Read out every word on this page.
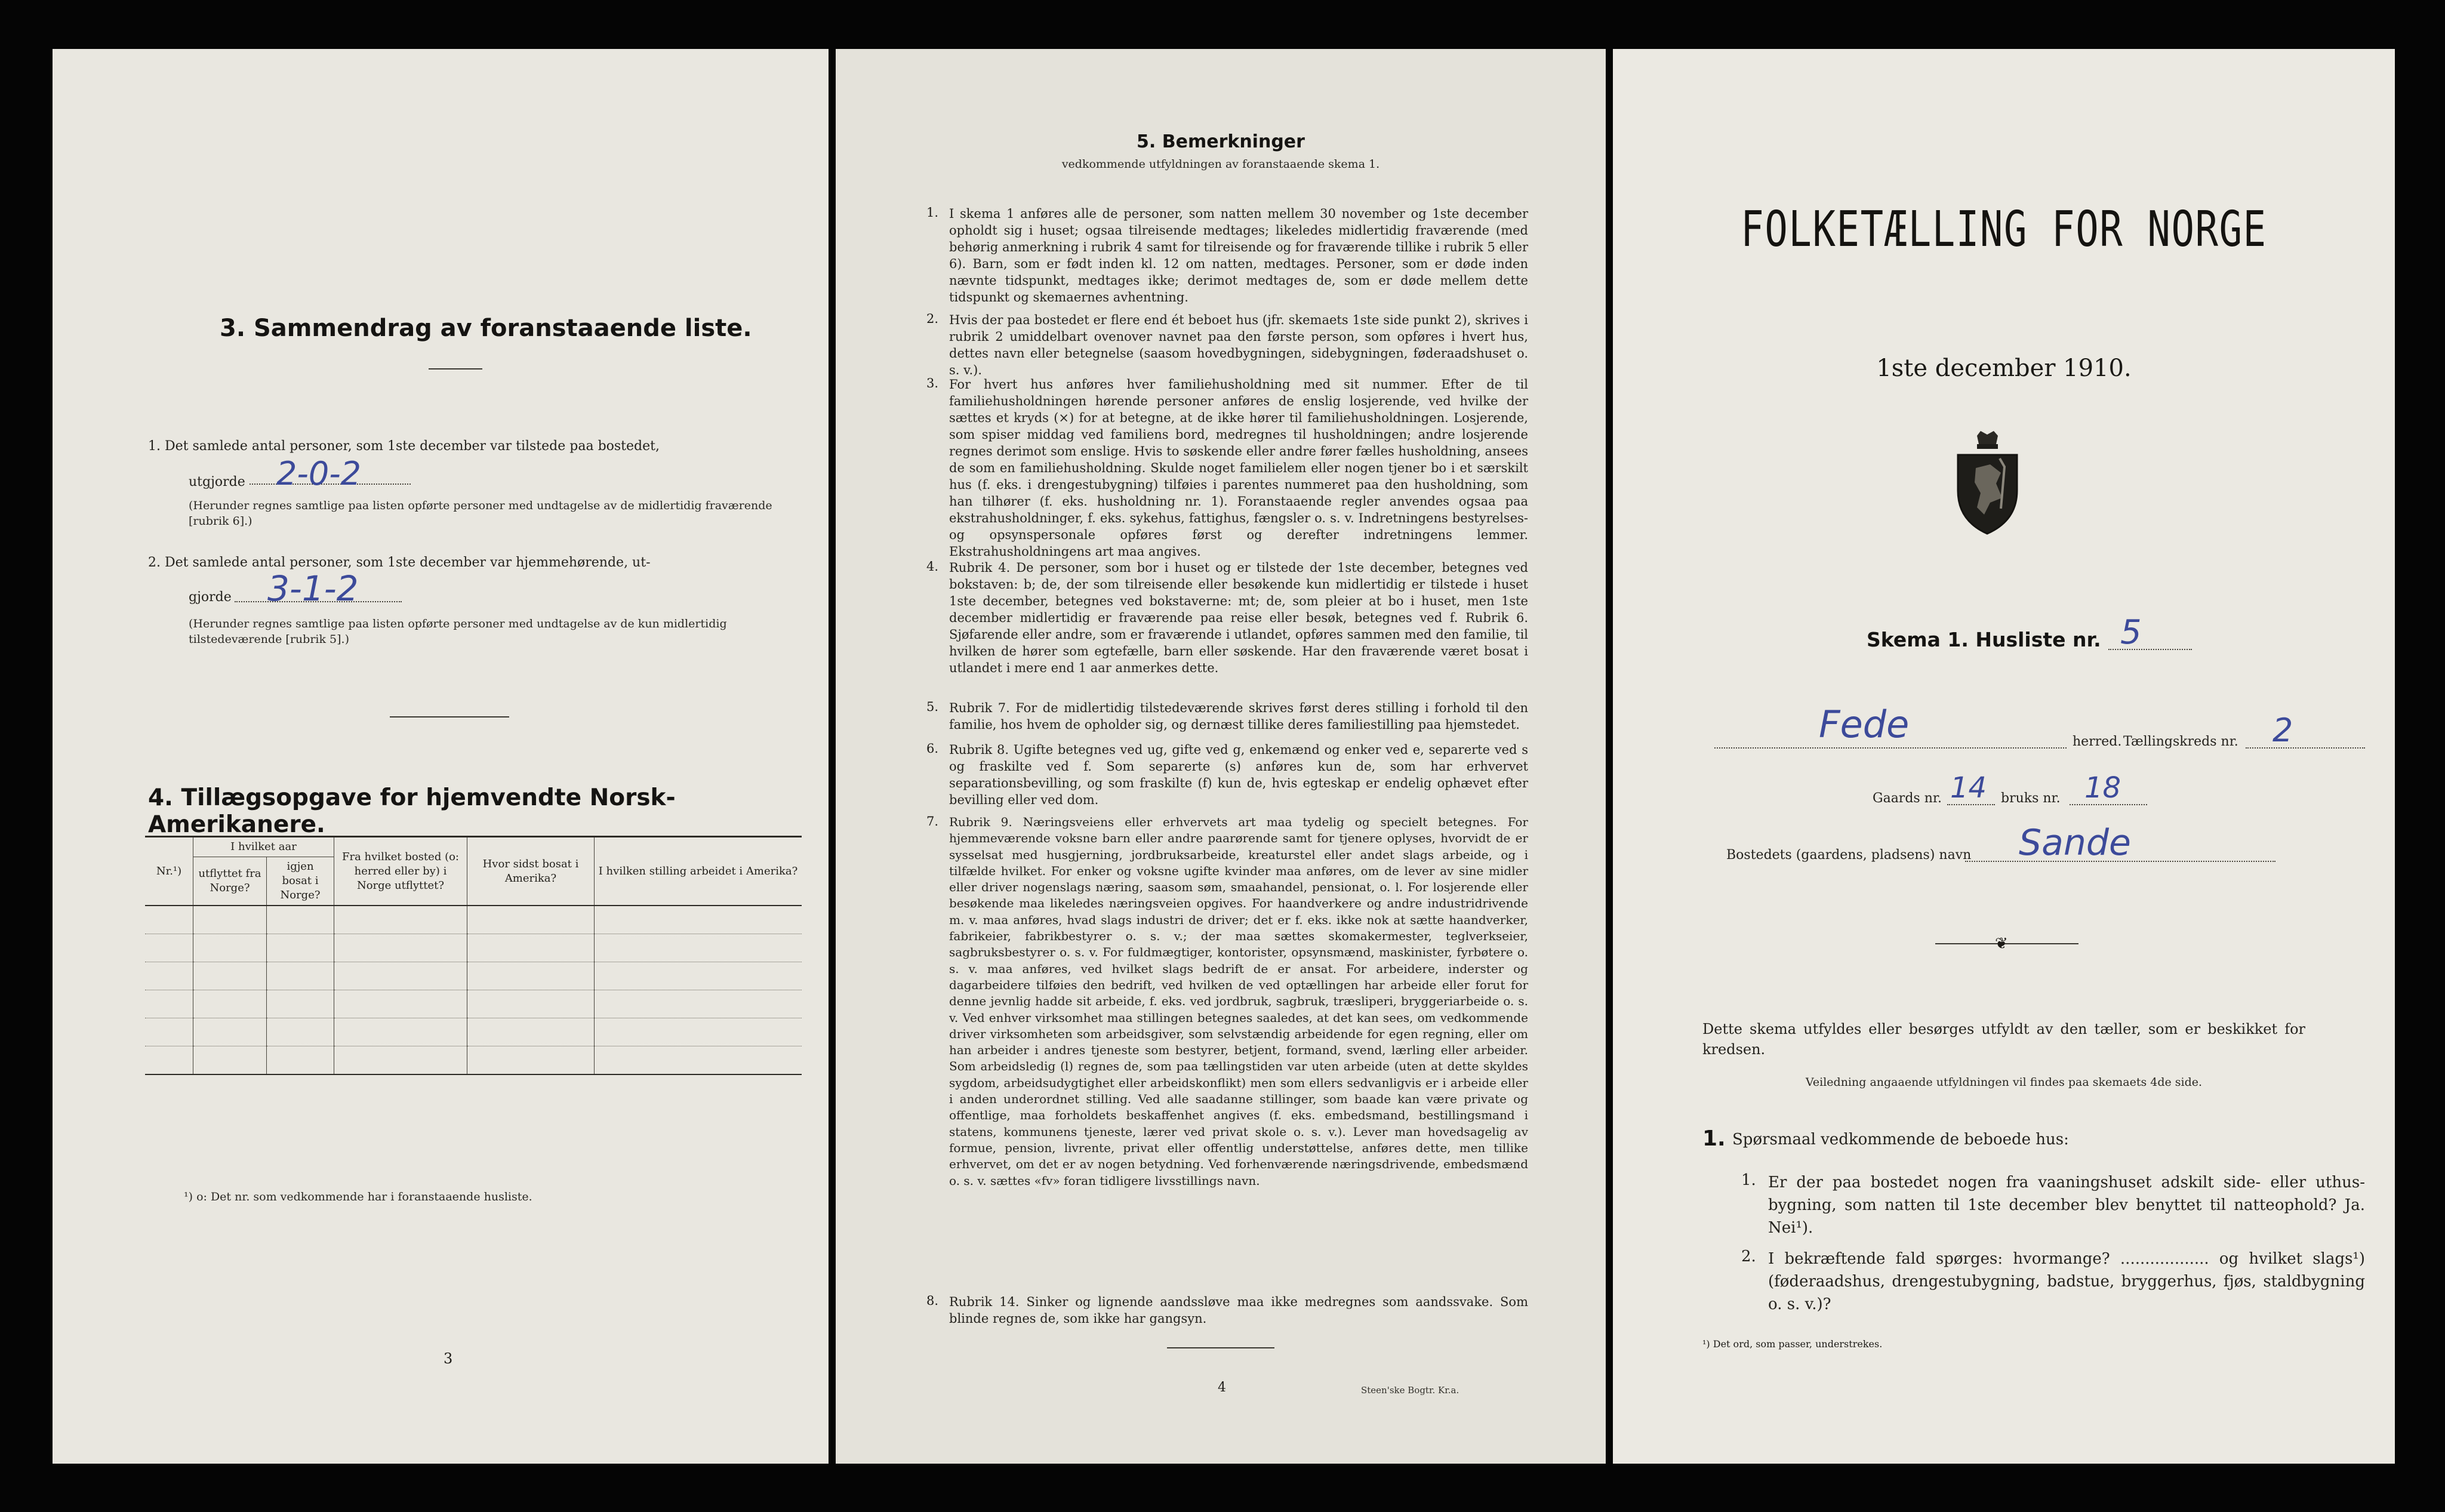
3. Sammendrag av foranstaaende liste.
1. Det samlede antal personer, som 1ste december var tilstede paa bostedet,
utgjorde 2-0-2
(Herunder regnes samtlige paa listen opførte personer med undtagelse av de midlertidig fraværende [rubrik 6].)
2. Det samlede antal personer, som 1ste december var hjemmehørende, ut-
gjorde 3-1-2
(Herunder regnes samtlige paa listen opførte personer med undtagelse av de kun midlertidig tilstedeværende [rubrik 5].)
4. Tillægsopgave for hjemvendte Norsk-Amerikanere.
Nr.¹)	I hvilket aar		Fra hvilket bosted (o: herred eller by) i Norge utflyttet?	Hvor sidst bosat i Amerika?	I hvilken stilling arbeidet i Amerika?
	utflyttet fra Norge?	igjen bosat i Norge?			

¹) o: Det nr. som vedkommende har i foranstaaende husliste.
3
5. Bemerkninger
vedkommende utfyldningen av foranstaaende skema 1.
1. I skema 1 anføres alle de personer, som natten mellem 30 november og 1ste december opholdt sig i huset; ogsaa tilreisende medtages; likeledes midlertidig fraværende (med behørig anmerkning i rubrik 4 samt for tilreisende og for fraværende tillike i rubrik 5 eller 6). Barn, som er født inden kl. 12 om natten, medtages. Personer, som er døde inden nævnte tidspunkt, medtages ikke; derimot medtages de, som er døde mellem dette tidspunkt og skemaernes avhentning.
2. Hvis der paa bostedet er flere end ét beboet hus (jfr. skemaets 1ste side punkt 2), skrives i rubrik 2 umiddelbart ovenover navnet paa den første person, som opføres i hvert hus, dettes navn eller betegnelse (saasom hovedbygningen, sidebygningen, føderaadshuset o. s. v.).
3. For hvert hus anføres hver familiehusholdning med sit nummer. Efter de til familiehusholdningen hørende personer anføres de enslig losjerende, ved hvilke der sættes et kryds (×) for at betegne, at de ikke hører til familiehusholdningen. Losjerende, som spiser middag ved familiens bord, medregnes til husholdningen; andre losjerende regnes derimot som enslige. Hvis to søskende eller andre fører fælles husholdning, ansees de som en familiehusholdning. Skulde noget familielem eller nogen tjener bo i et særskilt hus (f. eks. i drengestubygning) tilføies i parentes nummeret paa den husholdning, som han tilhører (f. eks. husholdning nr. 1). Foranstaaende regler anvendes ogsaa paa ekstrahusholdninger, f. eks. sykehus, fattighus, fængsler o. s. v. Indretningens bestyrelses- og opsynspersonale opføres først og derefter indretningens lemmer. Ekstrahusholdningens art maa angives.
4. Rubrik 4. De personer, som bor i huset og er tilstede der 1ste december, betegnes ved bokstaven: b; de, der som tilreisende eller besøkende kun midlertidig er tilstede i huset 1ste december, betegnes ved bokstaverne: mt; de, som pleier at bo i huset, men 1ste december midlertidig er fraværende paa reise eller besøk, betegnes ved f. Rubrik 6. Sjøfarende eller andre, som er fraværende i utlandet, opføres sammen med den familie, til hvilken de hører som egtefælle, barn eller søskende. Har den fraværende været bosat i utlandet i mere end 1 aar anmerkes dette.
5. Rubrik 7. For de midlertidig tilstedeværende skrives først deres stilling i forhold til den familie, hos hvem de opholder sig, og dernæst tillike deres familiestilling paa hjemstedet.
6. Rubrik 8. Ugifte betegnes ved ug, gifte ved g, enkemænd og enker ved e, separerte ved s og fraskilte ved f. Som separerte (s) anføres kun de, som har erhvervet separationsbevilling, og som fraskilte (f) kun de, hvis egteskap er endelig ophævet efter bevilling eller ved dom.
7. Rubrik 9. Næringsveiens eller erhvervets art maa tydelig og specielt betegnes. For hjemmeværende voksne barn eller andre paarørende samt for tjenere oplyses, hvorvidt de er sysselsat med husgjerning, jordbruksarbeide, kreaturstel eller andet slags arbeide, og i tilfælde hvilket. For enker og voksne ugifte kvinder maa anføres, om de lever av sine midler eller driver nogenslags næring, saasom søm, smaahandel, pensionat, o. l. For losjerende eller besøkende maa likeledes næringsveien opgives. For haandverkere og andre industridrivende m. v. maa anføres, hvad slags industri de driver; det er f. eks. ikke nok at sætte haandverker, fabrikeier, fabrikbestyrer o. s. v.; der maa sættes skomakermester, teglverkseier, sagbruksbestyrer o. s. v. For fuldmægtiger, kontorister, opsynsmænd, maskinister, fyrbøtere o. s. v. maa anføres, ved hvilket slags bedrift de er ansat. For arbeidere, inderster og dagarbeidere tilføies den bedrift, ved hvilken de ved optællingen har arbeide eller forut for denne jevnlig hadde sit arbeide, f. eks. ved jordbruk, sagbruk, træsliperi, bryggeriarbeide o. s. v. Ved enhver virksomhet maa stillingen betegnes saaledes, at det kan sees, om vedkommende driver virksomheten som arbeidsgiver, som selvstændig arbeidende for egen regning, eller om han arbeider i andres tjeneste som bestyrer, betjent, formand, svend, lærling eller arbeider. Som arbeidsledig (l) regnes de, som paa tællingstiden var uten arbeide (uten at dette skyldes sygdom, arbeidsudygtighet eller arbeidskonflikt) men som ellers sedvanligvis er i arbeide eller i anden underordnet stilling. Ved alle saadanne stillinger, som baade kan være private og offentlige, maa forholdets beskaffenhet angives (f. eks. embedsmand, bestillingsmand i statens, kommunens tjeneste, lærer ved privat skole o. s. v.). Lever man hovedsagelig av formue, pension, livrente, privat eller offentlig understøttelse, anføres dette, men tillike erhvervet, om det er av nogen betydning. Ved forhenværende næringsdrivende, embedsmænd o. s. v. sættes «fv» foran tidligere livsstillings navn.
8. Rubrik 14. Sinker og lignende aandssløve maa ikke medregnes som aandssvake. Som blinde regnes de, som ikke har gangsyn.
4	Steen'ske Bogtr. Kr.a.
FOLKETÆLLING FOR NORGE
1ste december 1910.
Skema 1. Husliste nr. 5
Fede	herred. Tællingskreds nr. 2
Gaards nr. 14 bruks nr. 18
Bostedets (gaardens, pladsens) navn Sande
❦
Dette skema utfyldes eller besørges utfyldt av den tæller, som er beskikket for kredsen.
Veiledning angaaende utfyldningen vil findes paa skemaets 4de side.
1. Spørsmaal vedkommende de beboede hus:
1. Er der paa bostedet nogen fra vaaningshuset adskilt side- eller uthus-bygning, som natten til 1ste december blev benyttet til natteophold? Ja. Nei¹).
2. I bekræftende fald spørges: hvormange? .................. og hvilket slags¹) (føderaadshus, drengestubygning, badstue, bryggerhus, fjøs, staldbygning o. s. v.)?
¹) Det ord, som passer, understrekes.
